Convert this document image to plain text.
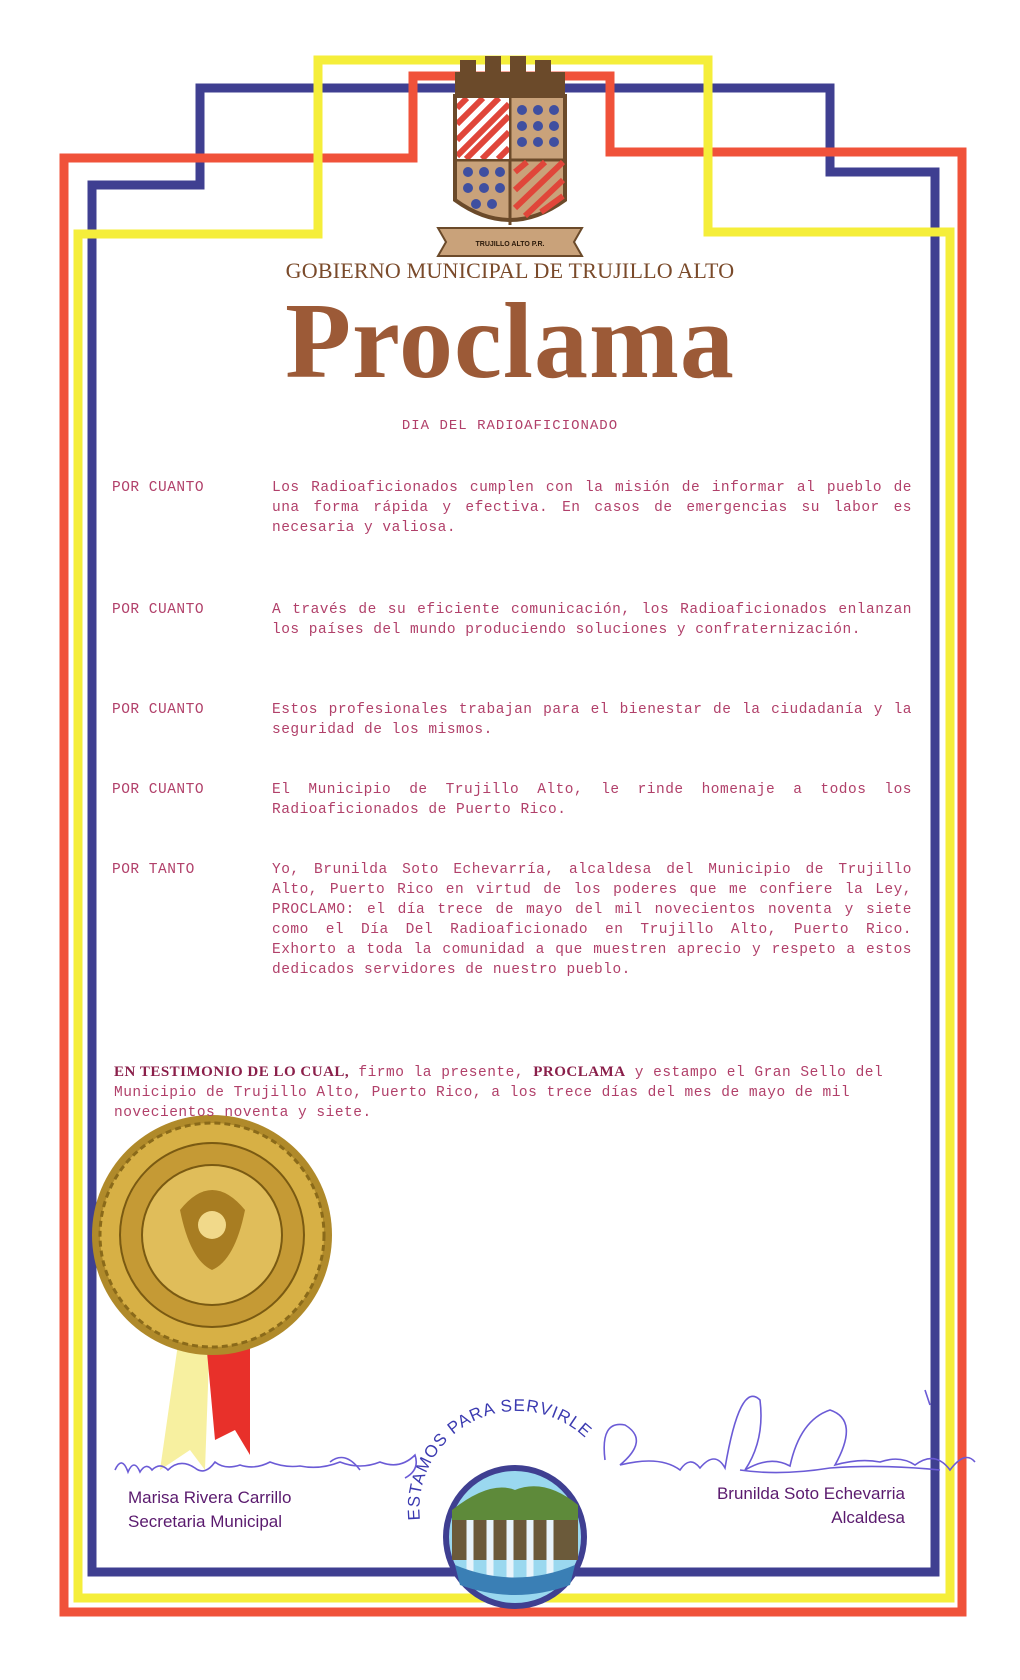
TRUJILLO ALTO P.R.
ESTAMOS PARA SERVIRLE
GOBIERNO MUNICIPAL DE TRUJILLO ALTO
Proclama
DIA DEL RADIOAFICIONADO
POR CUANTO	Los Radioaficionados cumplen con la misión de informar al pueblo de una forma rápida y efectiva. En casos de emergencias su labor es necesaria y valiosa.
POR CUANTO	A través de su eficiente comunicación, los Radioaficionados enlanzan los países del mundo produciendo soluciones y confraternización.
POR CUANTO	Estos profesionales trabajan para el bienestar de la ciudadanía y la seguridad de los mismos.
POR CUANTO	El Municipio de Trujillo Alto, le rinde homenaje a todos los Radioaficionados de Puerto Rico.
POR TANTO	Yo, Brunilda Soto Echevarría, alcaldesa del Municipio de Trujillo Alto, Puerto Rico en virtud de los poderes que me confiere la Ley, PROCLAMO: el día trece de mayo del mil novecientos noventa y siete como el Día Del Radioaficionado en Trujillo Alto, Puerto Rico. Exhorto a toda la comunidad a que muestren aprecio y respeto a estos dedicados servidores de nuestro pueblo.
EN TESTIMONIO DE LO CUAL, firmo la presente, PROCLAMA y estampo el Gran Sello del Municipio de Trujillo Alto, Puerto Rico, a los trece días del mes de mayo de mil novecientos noventa y siete.
Marisa Rivera Carrillo
Secretaria Municipal
Brunilda Soto Echevarria
Alcaldesa
